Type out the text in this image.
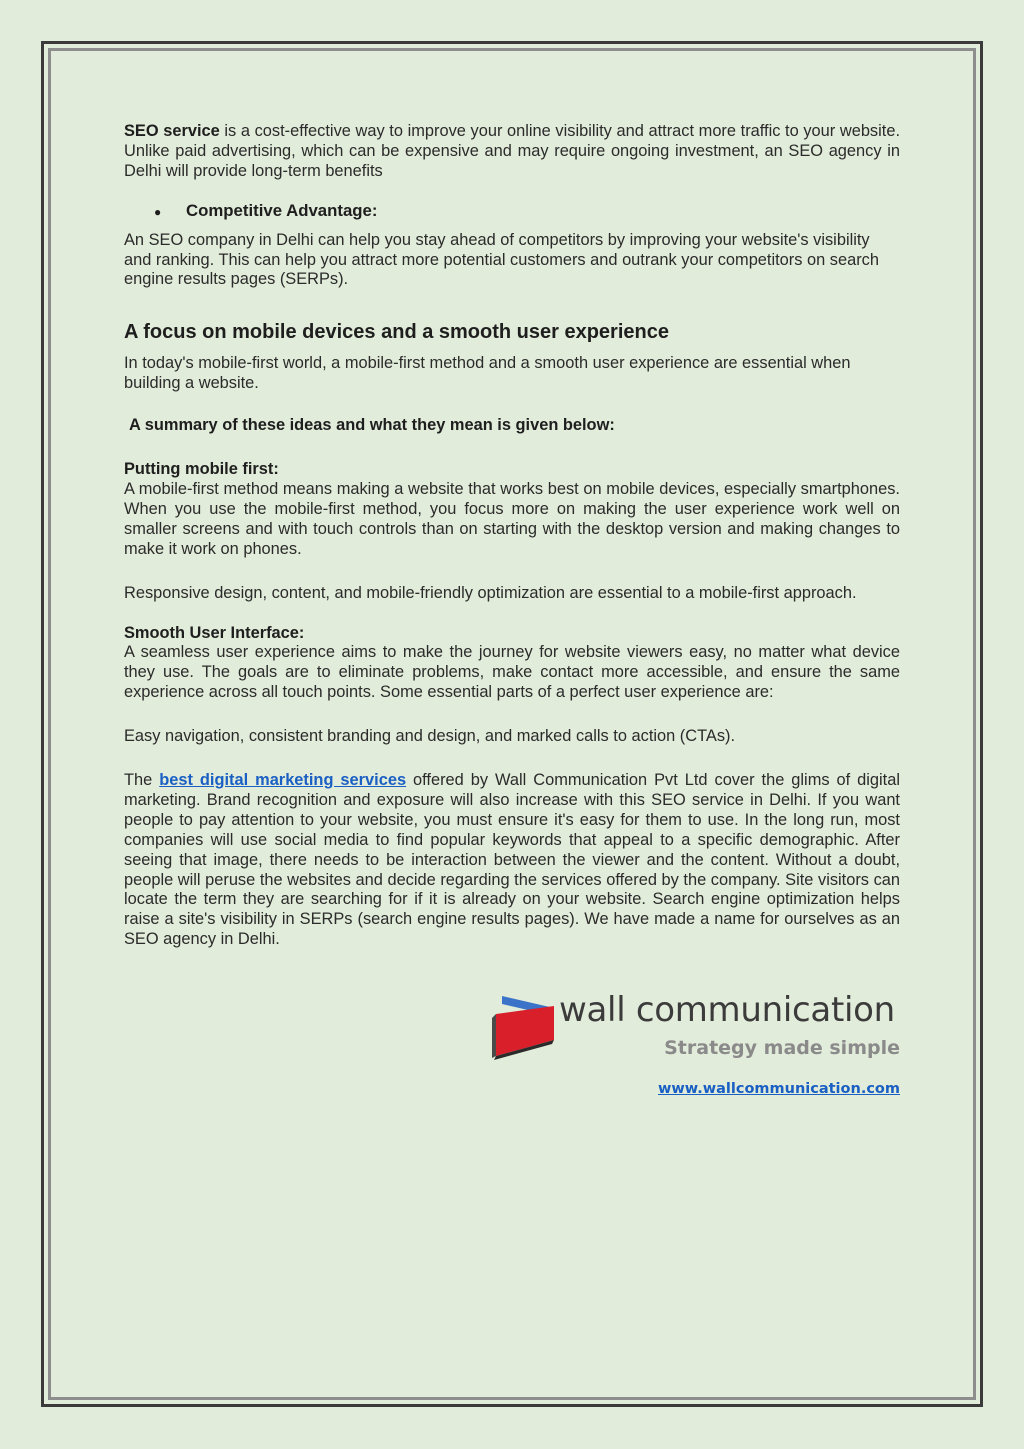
SEO service is a cost-effective way to improve your online visibility and attract more traffic to your website. Unlike paid advertising, which can be expensive and may require ongoing investment, an SEO agency in Delhi will provide long-term benefits

●	Competitive Advantage:

An SEO company in Delhi can help you stay ahead of competitors by improving your website's visibility and ranking. This can help you attract more potential customers and outrank your competitors on search engine results pages (SERPs).

A focus on mobile devices and a smooth user experience

In today's mobile-first world, a mobile-first method and a smooth user experience are essential when building a website.

A summary of these ideas and what they mean is given below:

Putting mobile first:

A mobile-first method means making a website that works best on mobile devices, especially smartphones. When you use the mobile-first method, you focus more on making the user experience work well on smaller screens and with touch controls than on starting with the desktop version and making changes to make it work on phones.

Responsive design, content, and mobile-friendly optimization are essential to a mobile-first approach.

Smooth User Interface:

A seamless user experience aims to make the journey for website viewers easy, no matter what device they use. The goals are to eliminate problems, make contact more accessible, and ensure the same experience across all touch points. Some essential parts of a perfect user experience are:

Easy navigation, consistent branding and design, and marked calls to action (CTAs).

The best digital marketing services offered by Wall Communication Pvt Ltd cover the glims of digital marketing. Brand recognition and exposure will also increase with this SEO service in Delhi. If you want people to pay attention to your website, you must ensure it's easy for them to use. In the long run, most companies will use social media to find popular keywords that appeal to a specific demographic. After seeing that image, there needs to be interaction between the viewer and the content. Without a doubt, people will peruse the websites and decide regarding the services offered by the company. Site visitors can locate the term they are searching for if it is already on your website. Search engine optimization helps raise a site's visibility in SERPs (search engine results pages). We have made a name for ourselves as an SEO agency in Delhi.

wall communication
Strategy made simple
www.wallcommunication.com
